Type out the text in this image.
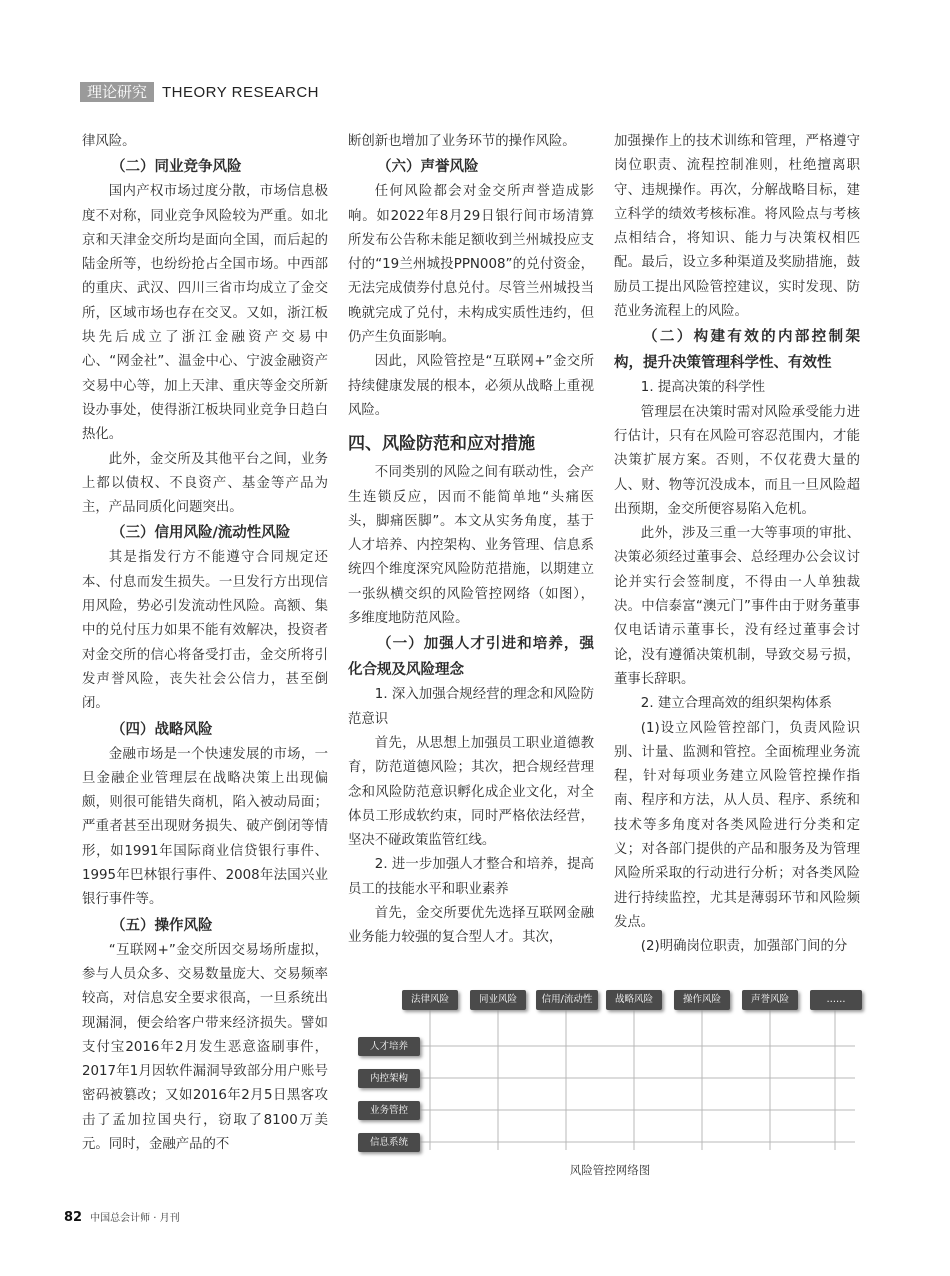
理论研究	THEORY RESEARCH

律风险。

（二）同业竞争风险

国内产权市场过度分散，市场信息极度不对称，同业竞争风险较为严重。如北京和天津金交所均是面向全国，而后起的陆金所等，也纷纷抢占全国市场。中西部的重庆、武汉、四川三省市均成立了金交所，区域市场也存在交叉。又如，浙江板块先后成立了浙江金融资产交易中心、“网金社”、温金中心、宁波金融资产交易中心等，加上天津、重庆等金交所新设办事处，使得浙江板块同业竞争日趋白热化。

此外，金交所及其他平台之间，业务上都以债权、不良资产、基金等产品为主，产品同质化问题突出。

（三）信用风险/流动性风险

其是指发行方不能遵守合同规定还本、付息而发生损失。一旦发行方出现信用风险，势必引发流动性风险。高额、集中的兑付压力如果不能有效解决，投资者对金交所的信心将备受打击，金交所将引发声誉风险，丧失社会公信力，甚至倒闭。

（四）战略风险

金融市场是一个快速发展的市场，一旦金融企业管理层在战略决策上出现偏颇，则很可能错失商机，陷入被动局面；严重者甚至出现财务损失、破产倒闭等情形，如1991年国际商业信贷银行事件、1995年巴林银行事件、2008年法国兴业银行事件等。

（五）操作风险

“互联网+”金交所因交易场所虚拟，参与人员众多、交易数量庞大、交易频率较高，对信息安全要求很高，一旦系统出现漏洞，便会给客户带来经济损失。譬如支付宝2016年2月发生恶意盗刷事件，2017年1月因软件漏洞导致部分用户账号密码被篡改；又如2016年2月5日黑客攻击了孟加拉国央行，窃取了8100万美元。同时，金融产品的不

断创新也增加了业务环节的操作风险。

（六）声誉风险

任何风险都会对金交所声誉造成影响。如2022年8月29日银行间市场清算所发布公告称未能足额收到兰州城投应支付的“19兰州城投PPN008”的兑付资金，无法完成债券付息兑付。尽管兰州城投当晚就完成了兑付，未构成实质性违约，但仍产生负面影响。

因此，风险管控是“互联网+”金交所持续健康发展的根本，必须从战略上重视风险。

四、风险防范和应对措施

不同类别的风险之间有联动性，会产生连锁反应，因而不能简单地“头痛医头，脚痛医脚”。本文从实务角度，基于人才培养、内控架构、业务管理、信息系统四个维度深究风险防范措施，以期建立一张纵横交织的风险管控网络（如图），多维度地防范风险。

（一）加强人才引进和培养，强化合规及风险理念
1. 深入加强合规经营的理念和风险防范意识

首先，从思想上加强员工职业道德教育，防范道德风险；其次，把合规经营理念和风险防范意识孵化成企业文化，对全体员工形成软约束，同时严格依法经营，坚决不碰政策监管红线。

2. 进一步加强人才整合和培养，提高员工的技能水平和职业素养

首先，金交所要优先选择互联网金融业务能力较强的复合型人才。其次，

加强操作上的技术训练和管理，严格遵守岗位职责、流程控制准则，杜绝擅离职守、违规操作。再次，分解战略目标，建立科学的绩效考核标准。将风险点与考核点相结合，将知识、能力与决策权相匹配。最后，设立多种渠道及奖励措施，鼓励员工提出风险管控建议，实时发现、防范业务流程上的风险。

（二）构建有效的内部控制架构，提升决策管理科学性、有效性
1. 提高决策的科学性

管理层在决策时需对风险承受能力进行估计，只有在风险可容忍范围内，才能决策扩展方案。否则，不仅花费大量的人、财、物等沉没成本，而且一旦风险超出预期，金交所便容易陷入危机。

此外，涉及三重一大等事项的审批、决策必须经过董事会、总经理办公会议讨论并实行会签制度，不得由一人单独裁决。中信泰富“澳元门”事件由于财务董事仅电话请示董事长，没有经过董事会讨论，没有遵循决策机制，导致交易亏损，董事长辞职。

2. 建立合理高效的组织架构体系

(1)设立风险管控部门，负责风险识别、计量、监测和管控。全面梳理业务流程，针对每项业务建立风险管控操作指南、程序和方法，从人员、程序、系统和技术等多角度对各类风险进行分类和定义；对各部门提供的产品和服务及为管理风险所采取的行动进行分析；对各类风险进行持续监控，尤其是薄弱环节和风险频发点。

(2)明确岗位职责，加强部门间的分

法律风险	同业风险	信用/流动性	战略风险	操作风险	声誉风险	……
人才培养
内控架构
业务管控
信息系统
风险管控网络图
82 中国总会计师 · 月刊
